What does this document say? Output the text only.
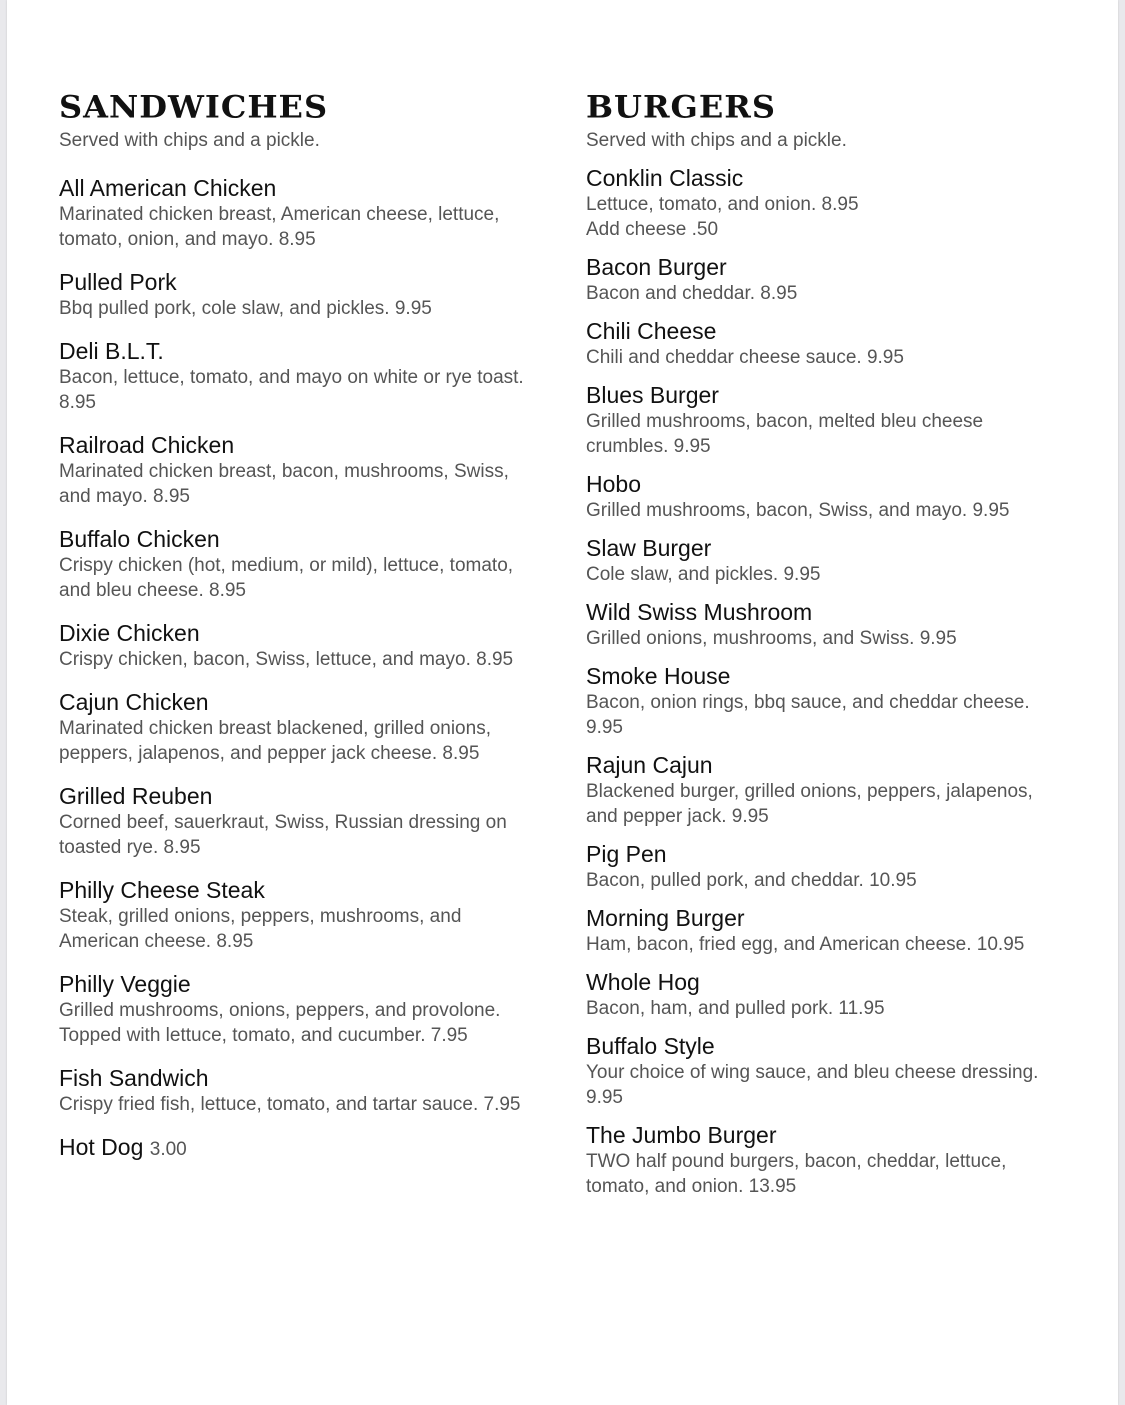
SANDWICHES

Served with chips and a pickle.

All American Chicken

Marinated chicken breast, American cheese, lettuce, tomato, onion, and mayo. 8.95

Pulled Pork

Bbq pulled pork, cole slaw, and pickles. 9.95

Deli B.L.T.

Bacon, lettuce, tomato, and mayo on white or rye toast. 8.95

Railroad Chicken

Marinated chicken breast, bacon, mushrooms, Swiss, and mayo. 8.95

Buffalo Chicken

Crispy chicken (hot, medium, or mild), lettuce, tomato, and bleu cheese. 8.95

Dixie Chicken

Crispy chicken, bacon, Swiss, lettuce, and mayo. 8.95

Cajun Chicken

Marinated chicken breast blackened, grilled onions, peppers, jalapenos, and pepper jack cheese. 8.95

Grilled Reuben

Corned beef, sauerkraut, Swiss, Russian dressing on toasted rye. 8.95

Philly Cheese Steak

Steak, grilled onions, peppers, mushrooms, and American cheese. 8.95

Philly Veggie

Grilled mushrooms, onions, peppers, and provolone. Topped with lettuce, tomato, and cucumber. 7.95

Fish Sandwich

Crispy fried fish, lettuce, tomato, and tartar sauce. 7.95

Hot Dog 3.00

BURGERS

Served with chips and a pickle.

Conklin Classic

Lettuce, tomato, and onion. 8.95

Add cheese .50

Bacon Burger

Bacon and cheddar. 8.95

Chili Cheese

Chili and cheddar cheese sauce. 9.95

Blues Burger

Grilled mushrooms, bacon, melted bleu cheese crumbles. 9.95

Hobo

Grilled mushrooms, bacon, Swiss, and mayo. 9.95

Slaw Burger

Cole slaw, and pickles. 9.95

Wild Swiss Mushroom

Grilled onions, mushrooms, and Swiss. 9.95

Smoke House

Bacon, onion rings, bbq sauce, and cheddar cheese. 9.95

Rajun Cajun

Blackened burger, grilled onions, peppers, jalapenos, and pepper jack. 9.95

Pig Pen

Bacon, pulled pork, and cheddar. 10.95

Morning Burger

Ham, bacon, fried egg, and American cheese. 10.95

Whole Hog

Bacon, ham, and pulled pork. 11.95

Buffalo Style

Your choice of wing sauce, and bleu cheese dressing. 9.95

The Jumbo Burger

TWO half pound burgers, bacon, cheddar, lettuce, tomato, and onion. 13.95
